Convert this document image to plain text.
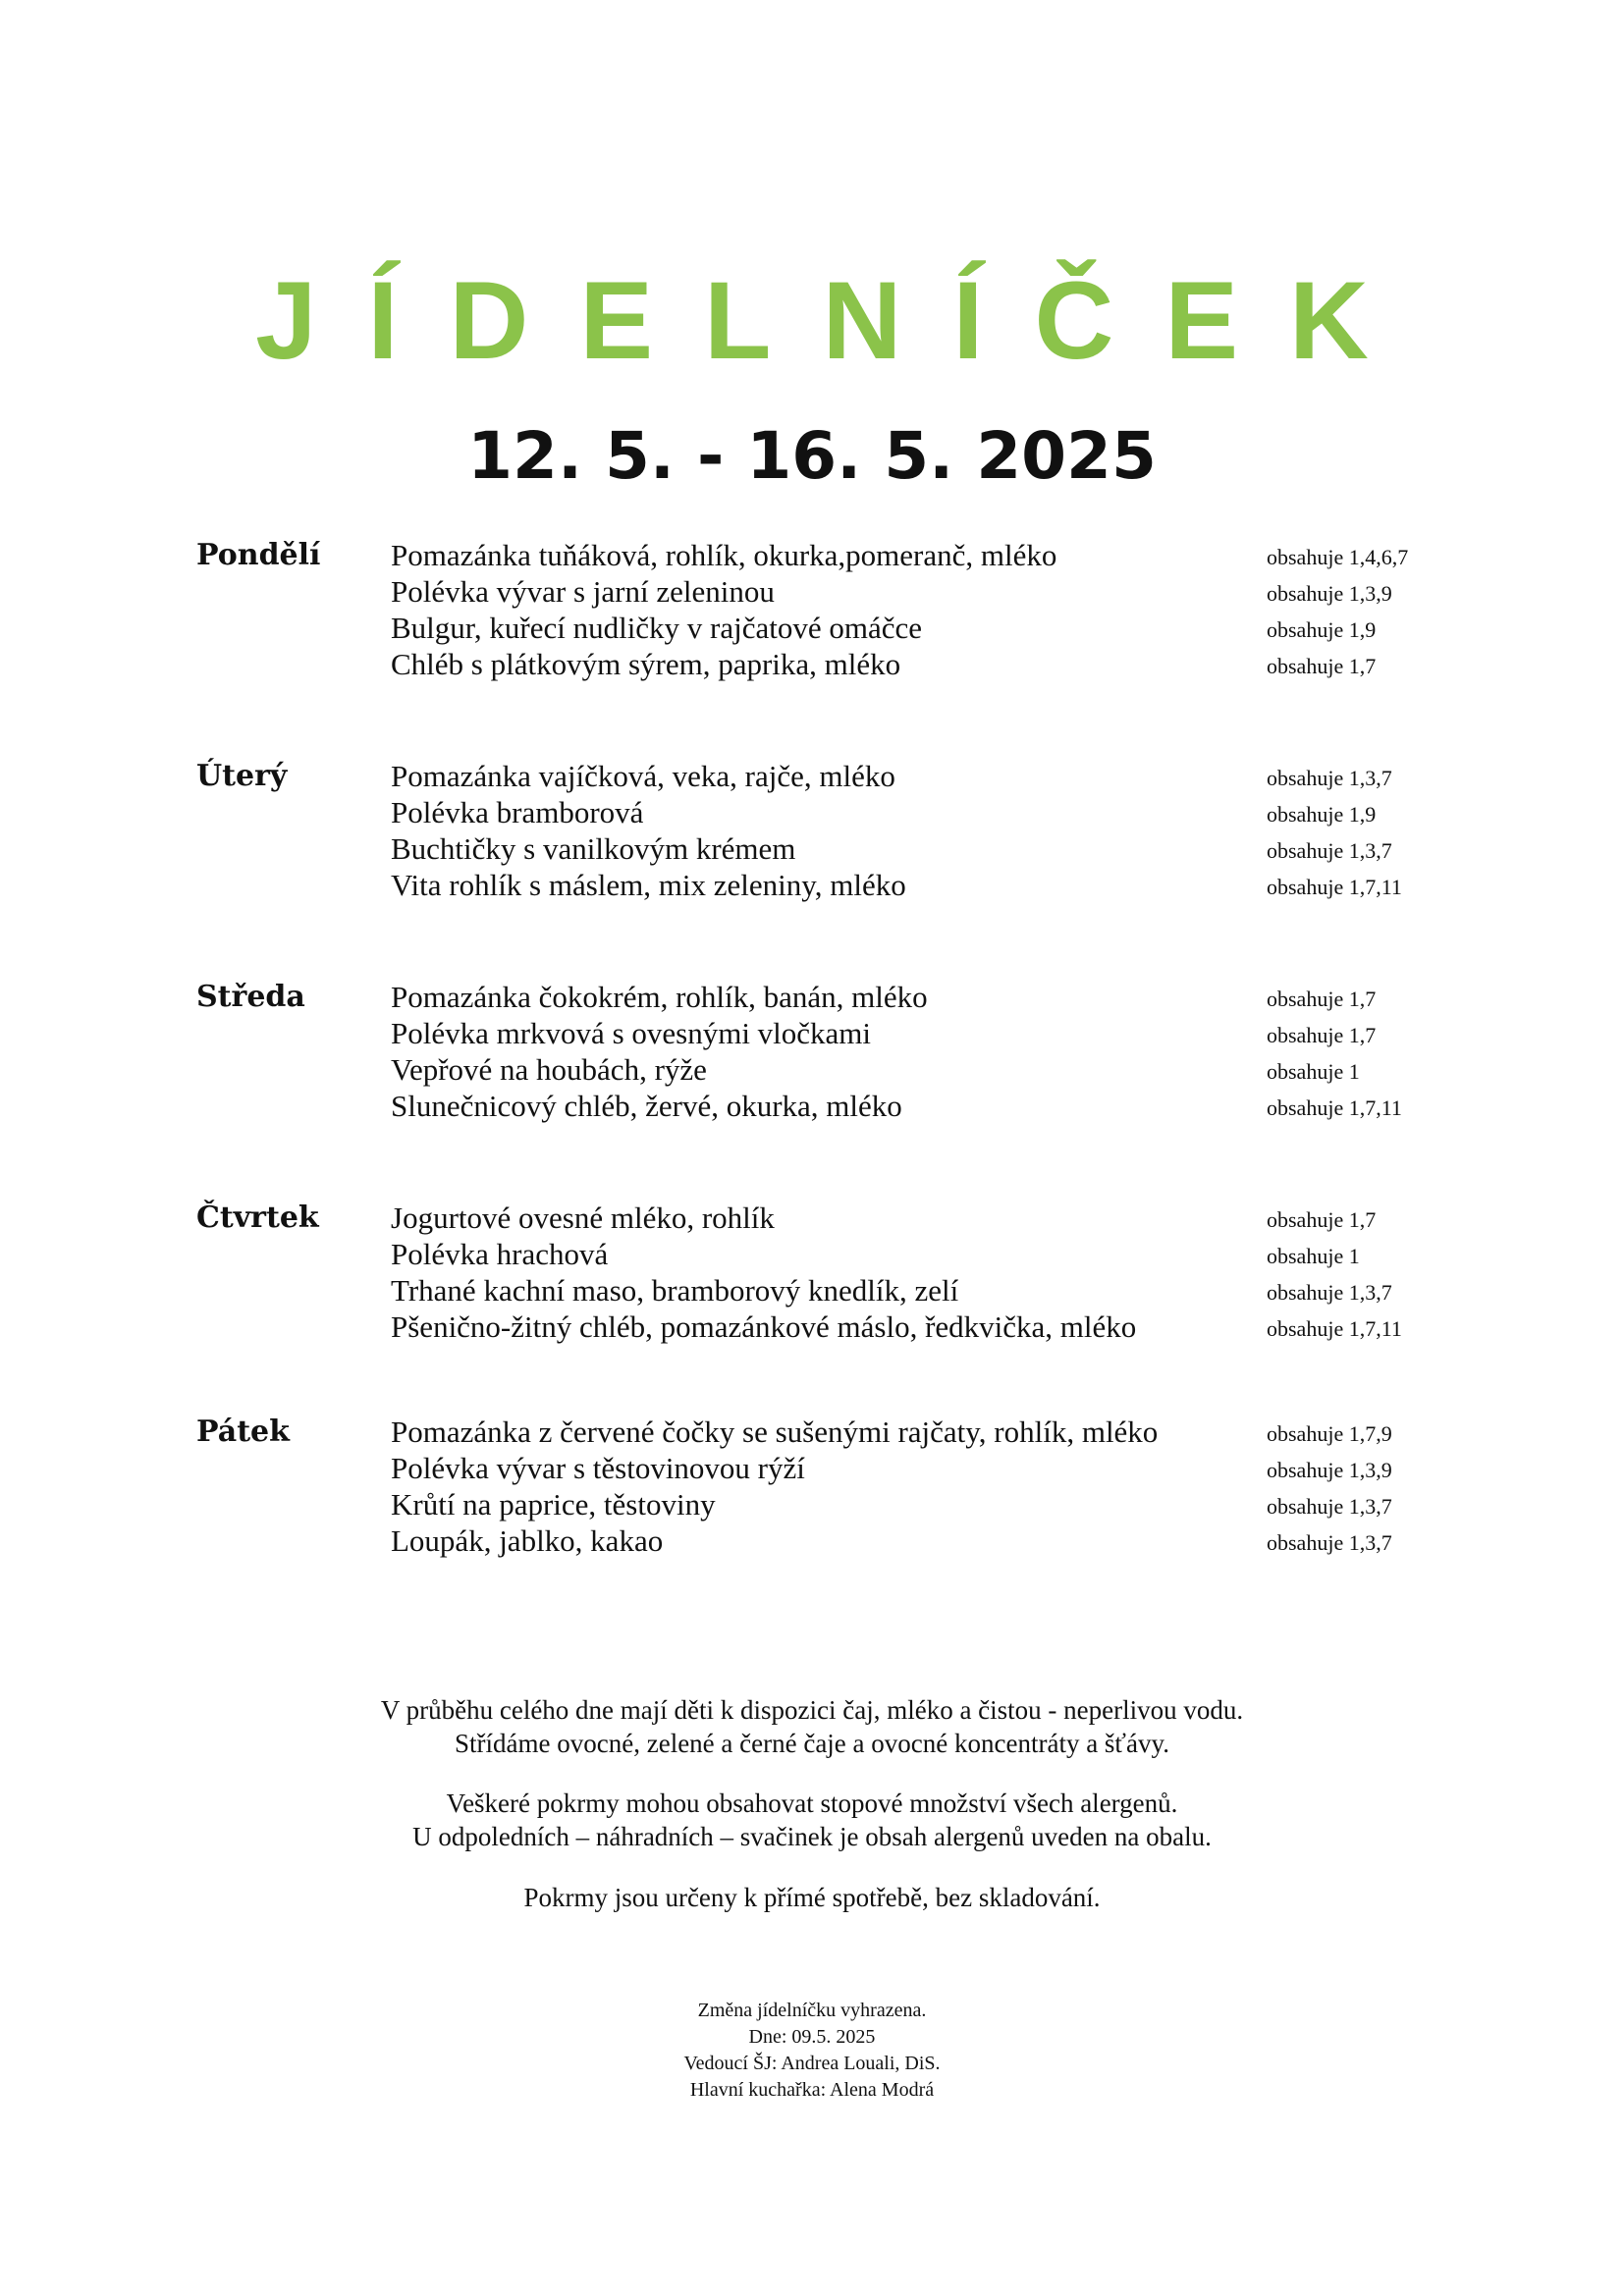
JÍDELNÍČEK
12. 5. - 16. 5. 2025
Pondělí Pomazánka tuňáková, rohlík, okurka,pomeranč, mléko	obsahuje 1,4,6,7
Polévka vývar s jarní zeleninou	obsahuje 1,3,9
Bulgur, kuřecí nudličky v rajčatové omáčce	obsahuje 1,9
Chléb s plátkovým sýrem, paprika, mléko	obsahuje 1,7
Úterý	Pomazánka vajíčková, veka, rajče, mléko	obsahuje 1,3,7
Polévka bramborová	obsahuje 1,9
Buchtičky s vanilkovým krémem	obsahuje 1,3,7
Vita rohlík s máslem, mix zeleniny, mléko	obsahuje 1,7,11
Středa	Pomazánka čokokrém, rohlík, banán, mléko	obsahuje 1,7
Polévka mrkvová s ovesnými vločkami	obsahuje 1,7
Vepřové na houbách, rýže	obsahuje 1
Slunečnicový chléb, žervé, okurka, mléko	obsahuje 1,7,11
Čtvrtek Jogurtové ovesné mléko, rohlík	obsahuje 1,7
Polévka hrachová	obsahuje 1
Trhané kachní maso, bramborový knedlík, zelí	obsahuje 1,3,7
Pšeničnо-žitný chléb, pomazánkové máslo, ředkvička, mléko	obsahuje 1,7,11
Pátek	Pomazánka z červené čočky se sušenými rajčaty, rohlík, mléko	obsahuje 1,7,9
Polévka vývar s těstovinovou rýží	obsahuje 1,3,9
Krůtí na paprice, těstoviny	obsahuje 1,3,7
Loupák, jablko, kakao	obsahuje 1,3,7
V průběhu celého dne mají děti k dispozici čaj, mléko a čistou - neperlivou vodu.
Střídáme ovocné, zelené a černé čaje a ovocné koncentráty a šťávy.
Veškeré pokrmy mohou obsahovat stopové množství všech alergenů.
U odpoledních – náhradních – svačinek je obsah alergenů uveden na obalu.
Pokrmy jsou určeny k přímé spotřebě, bez skladování.
Změna jídelníčku vyhrazena.
Dne: 09.5. 2025
Vedoucí ŠJ: Andrea Louali, DiS.
Hlavní kuchařka: Alena Modrá
